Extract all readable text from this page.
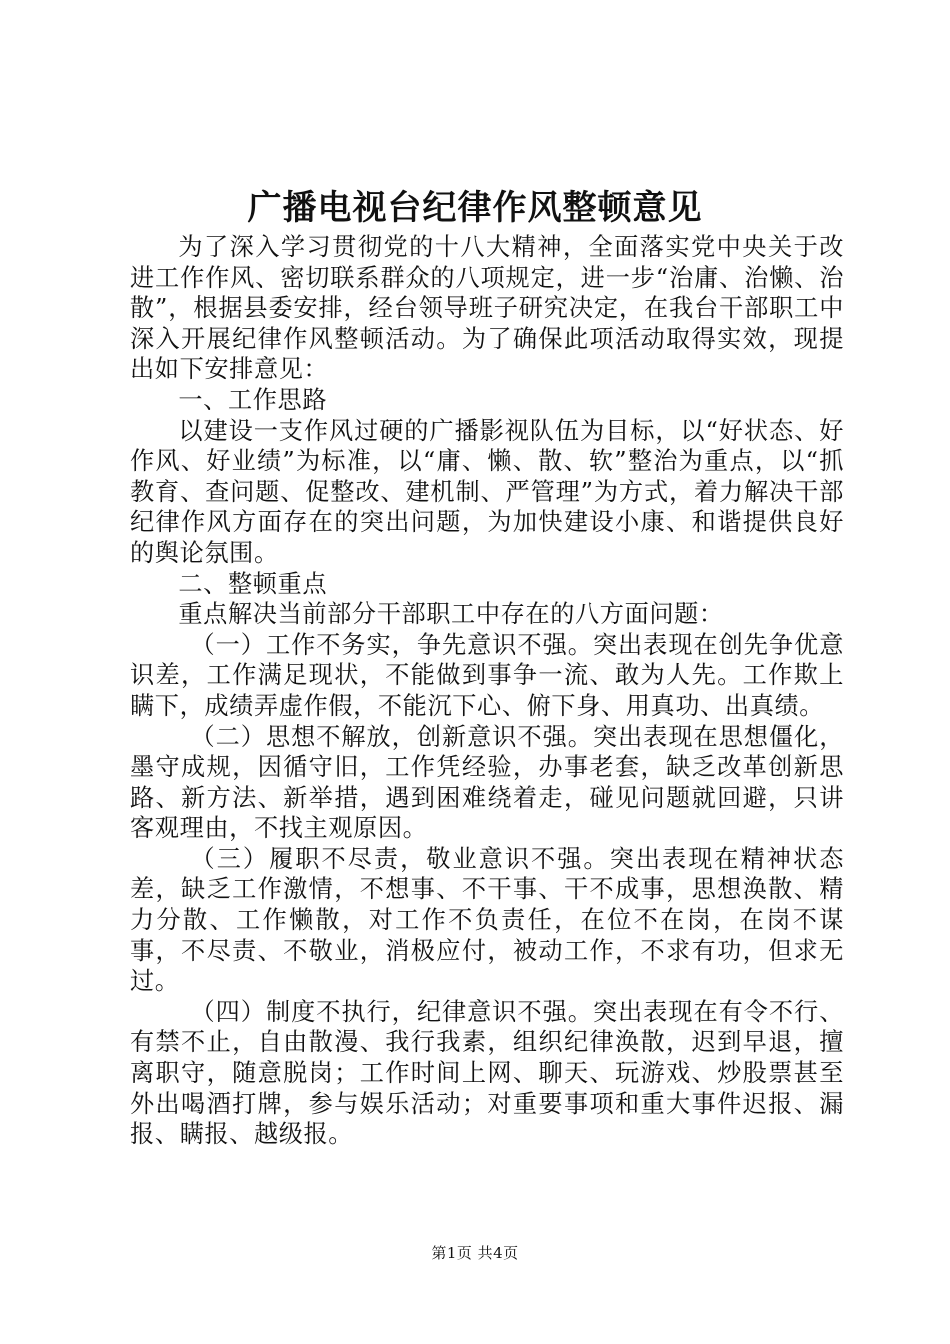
广播电视台纪律作风整顿意见

为了深入学习贯彻党的十八大精神，全面落实党中央关于改进工作作风、密切联系群众的八项规定，进一步“治庸、治懒、治散”，根据县委安排，经台领导班子研究决定，在我台干部职工中深入开展纪律作风整顿活动。为了确保此项活动取得实效，现提出如下安排意见：

一、工作思路

以建设一支作风过硬的广播影视队伍为目标，以“好状态、好作风、好业绩”为标准，以“庸、懒、散、软”整治为重点，以“抓教育、查问题、促整改、建机制、严管理”为方式，着力解决干部纪律作风方面存在的突出问题，为加快建设小康、和谐提供良好的舆论氛围。

二、整顿重点

重点解决当前部分干部职工中存在的八方面问题：

（一）工作不务实，争先意识不强。突出表现在创先争优意识差，工作满足现状，不能做到事争一流、敢为人先。工作欺上瞒下，成绩弄虚作假，不能沉下心、俯下身、用真功、出真绩。

（二）思想不解放，创新意识不强。突出表现在思想僵化，墨守成规，因循守旧，工作凭经验，办事老套，缺乏改革创新思路、新方法、新举措，遇到困难绕着走，碰见问题就回避，只讲客观理由，不找主观原因。

（三）履职不尽责，敬业意识不强。突出表现在精神状态差，缺乏工作激情，不想事、不干事、干不成事，思想涣散、精力分散、工作懒散，对工作不负责任，在位不在岗，在岗不谋事，不尽责、不敬业，消极应付，被动工作，不求有功，但求无过。

（四）制度不执行，纪律意识不强。突出表现在有令不行、有禁不止，自由散漫、我行我素，组织纪律涣散，迟到早退，擅离职守，随意脱岗；工作时间上网、聊天、玩游戏、炒股票甚至外出喝酒打牌，参与娱乐活动；对重要事项和重大事件迟报、漏报、瞒报、越级报。

第1页 共4页
